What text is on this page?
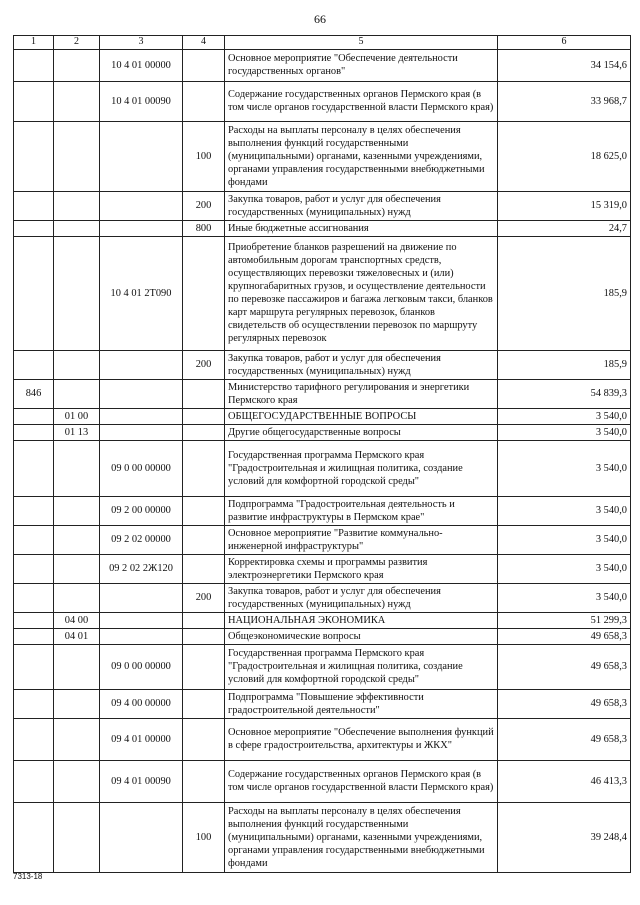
66
1	2	3	4	5	6
		10 4 01 00000		Основное мероприятие "Обеспечение деятельности государственных органов"	34 154,6
		10 4 01 00090		Содержание государственных органов Пермского края (в том числе органов государственной власти Пермского края)	33 968,7
			100	Расходы на выплаты персоналу в целях обеспечения выполнения функций государственными (муниципальными) органами, казенными учреждениями, органами управления государственными внебюджетными фондами	18 625,0
			200	Закупка товаров, работ и услуг для обеспечения государственных (муниципальных) нужд	15 319,0
			800	Иные бюджетные ассигнования	24,7
		10 4 01 2Т090		Приобретение бланков разрешений на движение по автомобильным дорогам транспортных средств, осуществляющих перевозки тяжеловесных и (или) крупногабаритных грузов, и осуществление деятельности по перевозке пассажиров и багажа легковым такси, бланков карт маршрута регулярных перевозок, бланков свидетельств об осуществлении перевозок по маршруту регулярных перевозок	185,9
			200	Закупка товаров, работ и услуг для обеспечения государственных (муниципальных) нужд	185,9
846				Министерство тарифного регулирования и энергетики Пермского края	54 839,3
	01 00			ОБЩЕГОСУДАРСТВЕННЫЕ ВОПРОСЫ	3 540,0
	01 13			Другие общегосударственные вопросы	3 540,0
		09 0 00 00000		Государственная программа Пермского края "Градостроительная и жилищная политика, создание условий для комфортной городской среды"	3 540,0
		09 2 00 00000		Подпрограмма "Градостроительная деятельность и развитие инфраструктуры в Пермском крае"	3 540,0
		09 2 02 00000		Основное мероприятие "Развитие коммунально-инженерной инфраструктуры"	3 540,0
		09 2 02 2Ж120		Корректировка схемы и программы развития электроэнергетики Пермского края	3 540,0
			200	Закупка товаров, работ и услуг для обеспечения государственных (муниципальных) нужд	3 540,0
	04 00			НАЦИОНАЛЬНАЯ ЭКОНОМИКА	51 299,3
	04 01			Общеэкономические вопросы	49 658,3
		09 0 00 00000		Государственная программа Пермского края "Градостроительная и жилищная политика, создание условий для комфортной городской среды"	49 658,3
		09 4 00 00000		Подпрограмма "Повышение эффективности градостроительной деятельности"	49 658,3
		09 4 01 00000		Основное мероприятие "Обеспечение выполнения функций в сфере градостроительства, архитектуры и ЖКХ"	49 658,3
		09 4 01 00090		Содержание государственных органов Пермского края (в том числе органов государственной власти Пермского края)	46 413,3
			100	Расходы на выплаты персоналу в целях обеспечения выполнения функций государственными (муниципальными) органами, казенными учреждениями, органами управления государственными внебюджетными фондами	39 248,4
7313-18
